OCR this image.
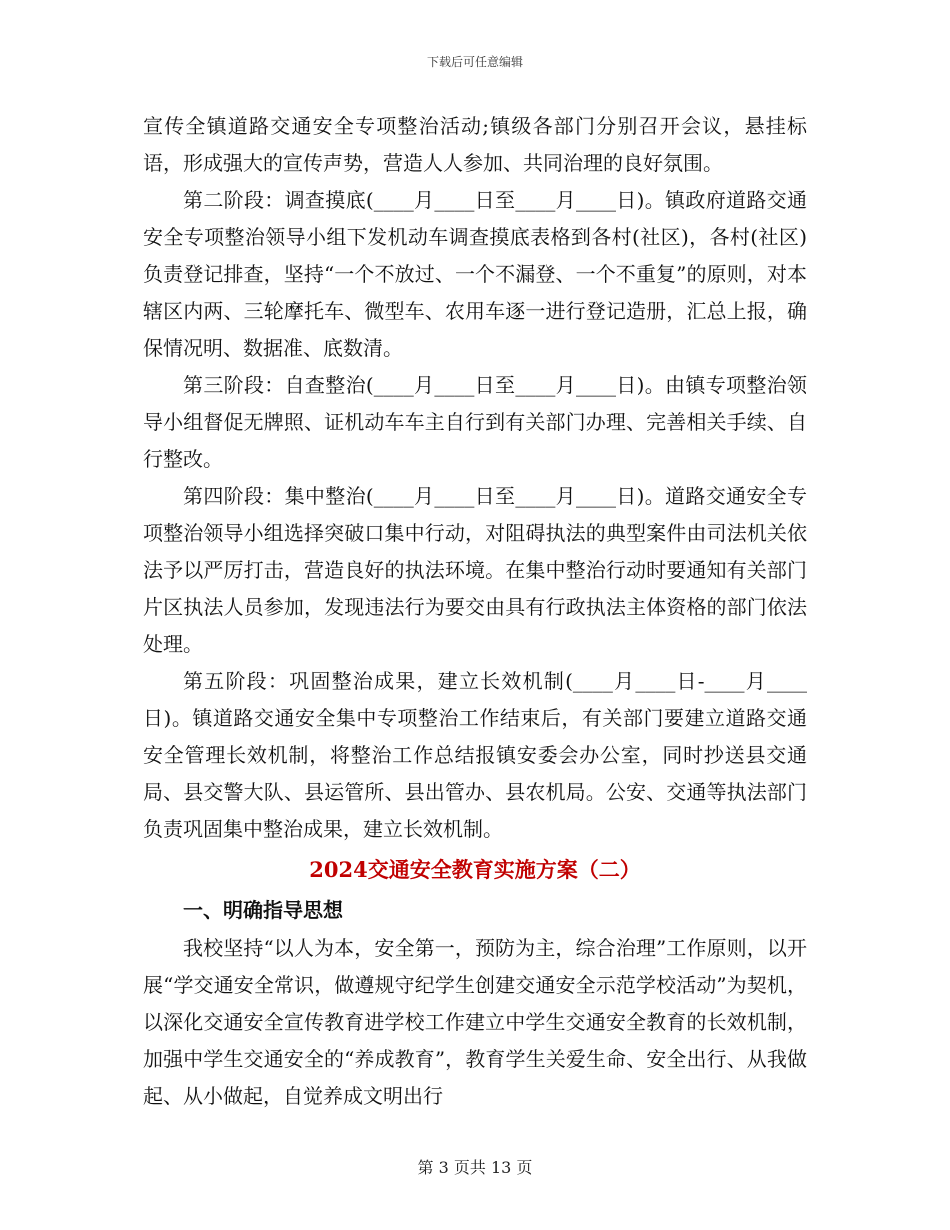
下载后可任意编辑

宣传全镇道路交通安全专项整治活动;镇级各部门分别召开会议，悬挂标语，形成强大的宣传声势，营造人人参加、共同治理的良好氛围。

第二阶段：调查摸底(____月____日至____月____日)。镇政府道路交通安全专项整治领导小组下发机动车调查摸底表格到各村(社区)，各村(社区)负责登记排查，坚持“一个不放过、一个不漏登、一个不重复”的原则，对本辖区内两、三轮摩托车、微型车、农用车逐一进行登记造册，汇总上报，确保情况明、数据准、底数清。

第三阶段：自查整治(____月____日至____月____日)。由镇专项整治领导小组督促无牌照、证机动车车主自行到有关部门办理、完善相关手续、自行整改。

第四阶段：集中整治(____月____日至____月____日)。道路交通安全专项整治领导小组选择突破口集中行动，对阻碍执法的典型案件由司法机关依法予以严厉打击，营造良好的执法环境。在集中整治行动时要通知有关部门片区执法人员参加，发现违法行为要交由具有行政执法主体资格的部门依法处理。

第五阶段：巩固整治成果，建立长效机制(____月____日-____月____日)。镇道路交通安全集中专项整治工作结束后，有关部门要建立道路交通安全管理长效机制，将整治工作总结报镇安委会办公室，同时抄送县交通局、县交警大队、县运管所、县出管办、县农机局。公安、交通等执法部门负责巩固集中整治成果，建立长效机制。

2024交通安全教育实施方案（二）
一、明确指导思想

我校坚持“以人为本，安全第一，预防为主，综合治理”工作原则，以开展“学交通安全常识，做遵规守纪学生创建交通安全示范学校活动”为契机，以深化交通安全宣传教育进学校工作建立中学生交通安全教育的长效机制，加强中学生交通安全的“养成教育”，教育学生关爱生命、安全出行、从我做起、从小做起，自觉养成文明出行

第 3 页共 13 页
